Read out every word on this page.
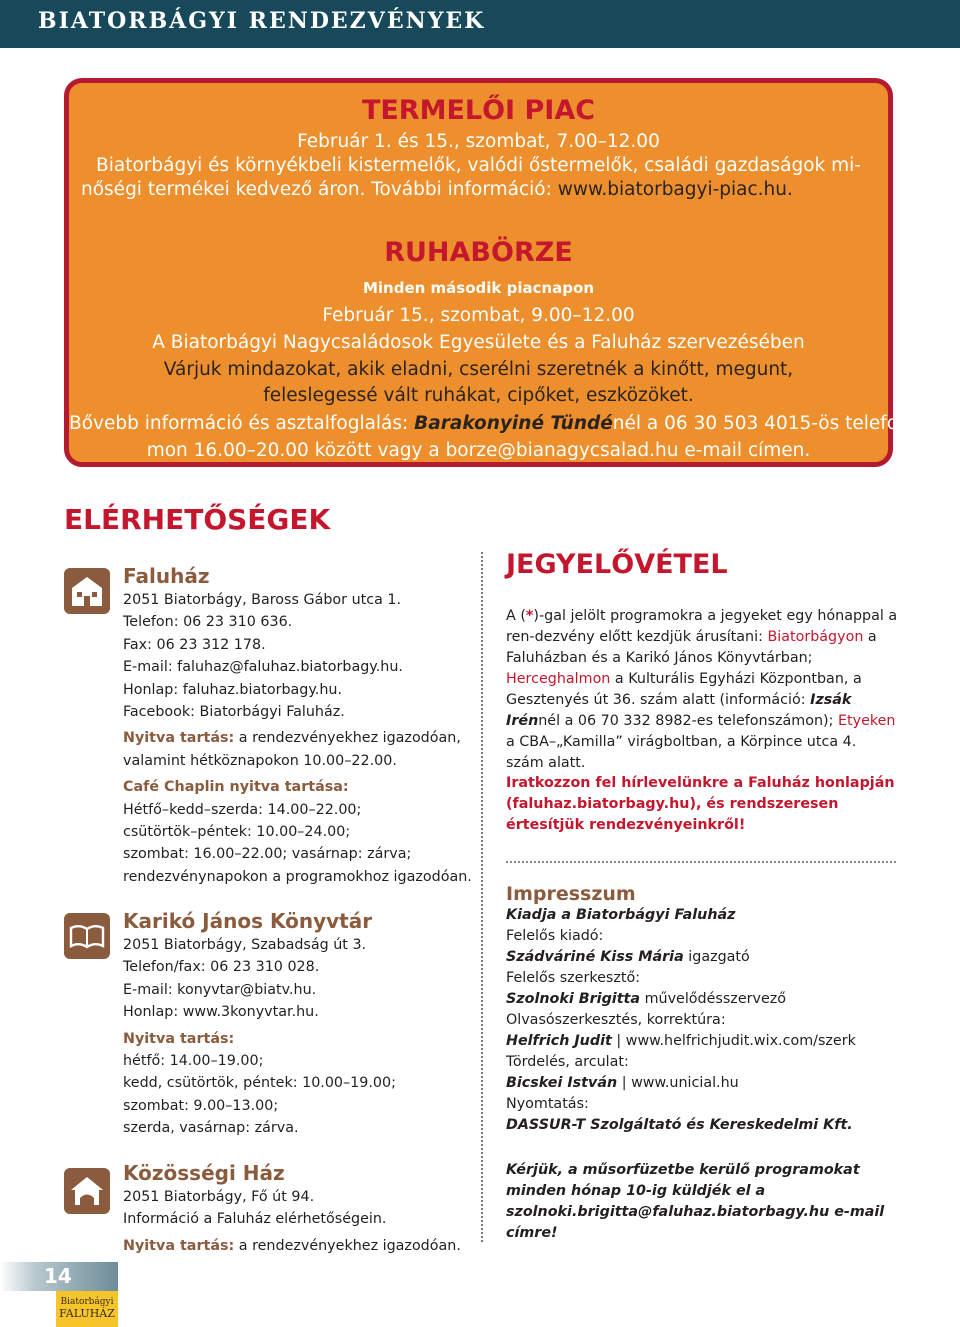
BIATORBÁGYI RENDEZVÉNYEK
TERMELŐI PIAC
Február 1. és 15., szombat, 7.00–12.00
Biatorbágyi és környékbeli kistermelők, valódi őstermelők, családi gazdaságok mi-
nőségi termékei kedvező áron. További információ: www.biatorbagyi-piac.hu.
RUHABÖRZE
Minden második piacnapon
Február 15., szombat, 9.00–12.00
A Biatorbágyi Nagycsaládosok Egyesülete és a Faluház szervezésében
Várjuk mindazokat, akik eladni, cserélni szeretnék a kinőtt, megunt,
feleslegessé vált ruhákat, cipőket, eszközöket.
Bővebb információ és asztalfoglalás: Barakonyiné Tündénél a 06 30 503 4015-ös telefonszá-
mon 16.00–20.00 között vagy a borze@bianagycsalad.hu e-mail címen.
ELÉRHETŐSÉGEK
Faluház
2051 Biatorbágy, Baross Gábor utca 1.
Telefon: 06 23 310 636.
Fax: 06 23 312 178.
E-mail: faluhaz@faluhaz.biatorbagy.hu.
Honlap: faluhaz.biatorbagy.hu.
Facebook: Biatorbágyi Faluház.
Nyitva tartás: a rendezvényekhez igazodóan,
valamint hétköznapokon 10.00–22.00.
Café Chaplin nyitva tartása:
Hétfő–kedd–szerda: 14.00–22.00;
csütörtök–péntek: 10.00–24.00;
szombat: 16.00–22.00; vasárnap: zárva;
rendezvénynapokon a programokhoz igazodóan.
Karikó János Könyvtár
2051 Biatorbágy, Szabadság út 3.
Telefon/fax: 06 23 310 028.
E-mail: konyvtar@biatv.hu.
Honlap: www.3konyvtar.hu.
Nyitva tartás:
hétfő: 14.00–19.00;
kedd, csütörtök, péntek: 10.00–19.00;
szombat: 9.00–13.00;
szerda, vasárnap: zárva.
Közösségi Ház
2051 Biatorbágy, Fő út 94.
Információ a Faluház elérhetőségein.
Nyitva tartás: a rendezvényekhez igazodóan.
JEGYELŐVÉTEL
A (*)-gal jelölt programokra a jegyeket egy hónappal a ren-dezvény előtt kezdjük árusítani: Biatorbágyon a Faluházban és a Karikó János Könyvtárban; Herceghalmon a Kulturális Egyházi Központban, a Gesztenyés út 36. szám alatt (információ: Izsák Irénnél a 06 70 332 8982-es telefonszámon); Etyeken a CBA–„Kamilla” virágboltban, a Körpince utca 4. szám alatt.
Iratkozzon fel hírlevelünkre a Faluház honlapján (faluhaz.biatorbagy.hu), és rendszeresen értesítjük rendezvényeinkről!
Impresszum
Kiadja a Biatorbágyi Faluház
Felelős kiadó:
Szádváriné Kiss Mária igazgató
Felelős szerkesztő:
Szolnoki Brigitta művelődésszervező
Olvasószerkesztés, korrektúra:
Helfrich Judit | www.helfrichjudit.wix.com/szerk
Tördelés, arculat:
Bicskei István | www.unicial.hu
Nyomtatás:
DASSUR-T Szolgáltató és Kereskedelmi Kft.
Kérjük, a műsorfüzetbe kerülő programokat minden hónap 10-ig küldjék el a szolnoki.brigitta@faluhaz.biatorbagy.hu e-mail címre!
14
Biatorbágyi
FALUHÁZ
